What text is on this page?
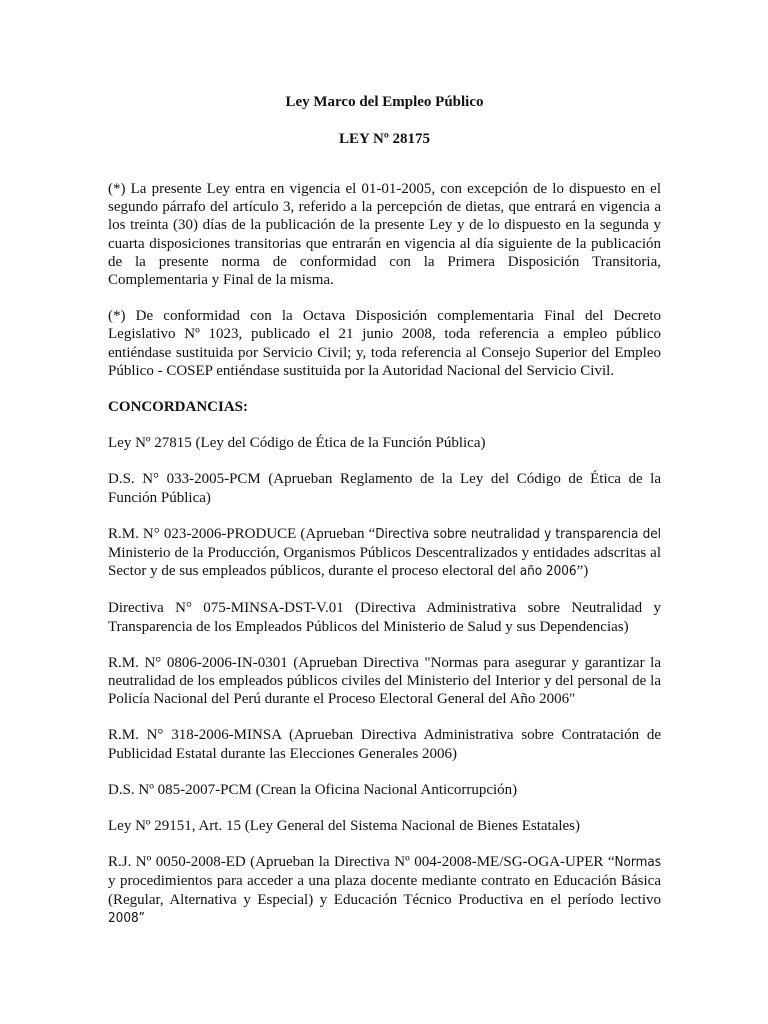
Ley Marco del Empleo Público

LEY Nº 28175

(*) La presente Ley entra en vigencia el 01-01-2005, con excepción de lo dispuesto en el segundo párrafo del artículo 3, referido a la percepción de dietas, que entrará en vigencia a los treinta (30) días de la publicación de la presente Ley y de lo dispuesto en la segunda y cuarta disposiciones transitorias que entrarán en vigencia al día siguiente de la publicación de la presente norma de conformidad con la Primera Disposición Transitoria, Complementaria y Final de la misma.

(*) De conformidad con la Octava Disposición complementaria Final del Decreto Legislativo Nº 1023, publicado el 21 junio 2008, toda referencia a empleo público entiéndase sustituida por Servicio Civil; y, toda referencia al Consejo Superior del Empleo Público - COSEP entiéndase sustituida por la Autoridad Nacional del Servicio Civil.

CONCORDANCIAS:

Ley Nº 27815 (Ley del Código de Ética de la Función Pública)

D.S. N° 033-2005-PCM (Aprueban Reglamento de la Ley del Código de Ética de la Función Pública)

R.M. N° 023-2006-PRODUCE (Aprueban “Directiva sobre neutralidad y transparencia del Ministerio de la Producción, Organismos Públicos Descentralizados y entidades adscritas al Sector y de sus empleados públicos, durante el proceso electoral del año 2006”)

Directiva N° 075-MINSA-DST-V.01 (Directiva Administrativa sobre Neutralidad y Transparencia de los Empleados Públicos del Ministerio de Salud y sus Dependencias)

R.M. N° 0806-2006-IN-0301 (Aprueban Directiva "Normas para asegurar y garantizar la neutralidad de los empleados públicos civiles del Ministerio del Interior y del personal de la Policía Nacional del Perú durante el Proceso Electoral General del Año 2006"

R.M. N° 318-2006-MINSA (Aprueban Directiva Administrativa sobre Contratación de Publicidad Estatal durante las Elecciones Generales 2006)

D.S. Nº 085-2007-PCM (Crean la Oficina Nacional Anticorrupción)

Ley Nº 29151, Art. 15 (Ley General del Sistema Nacional de Bienes Estatales)

R.J. Nº 0050-2008-ED (Aprueban la Directiva Nº 004-2008-ME/SG-OGA-UPER “Normas y procedimientos para acceder a una plaza docente mediante contrato en Educación Básica (Regular, Alternativa y Especial) y Educación Técnico Productiva en el período lectivo 2008”
